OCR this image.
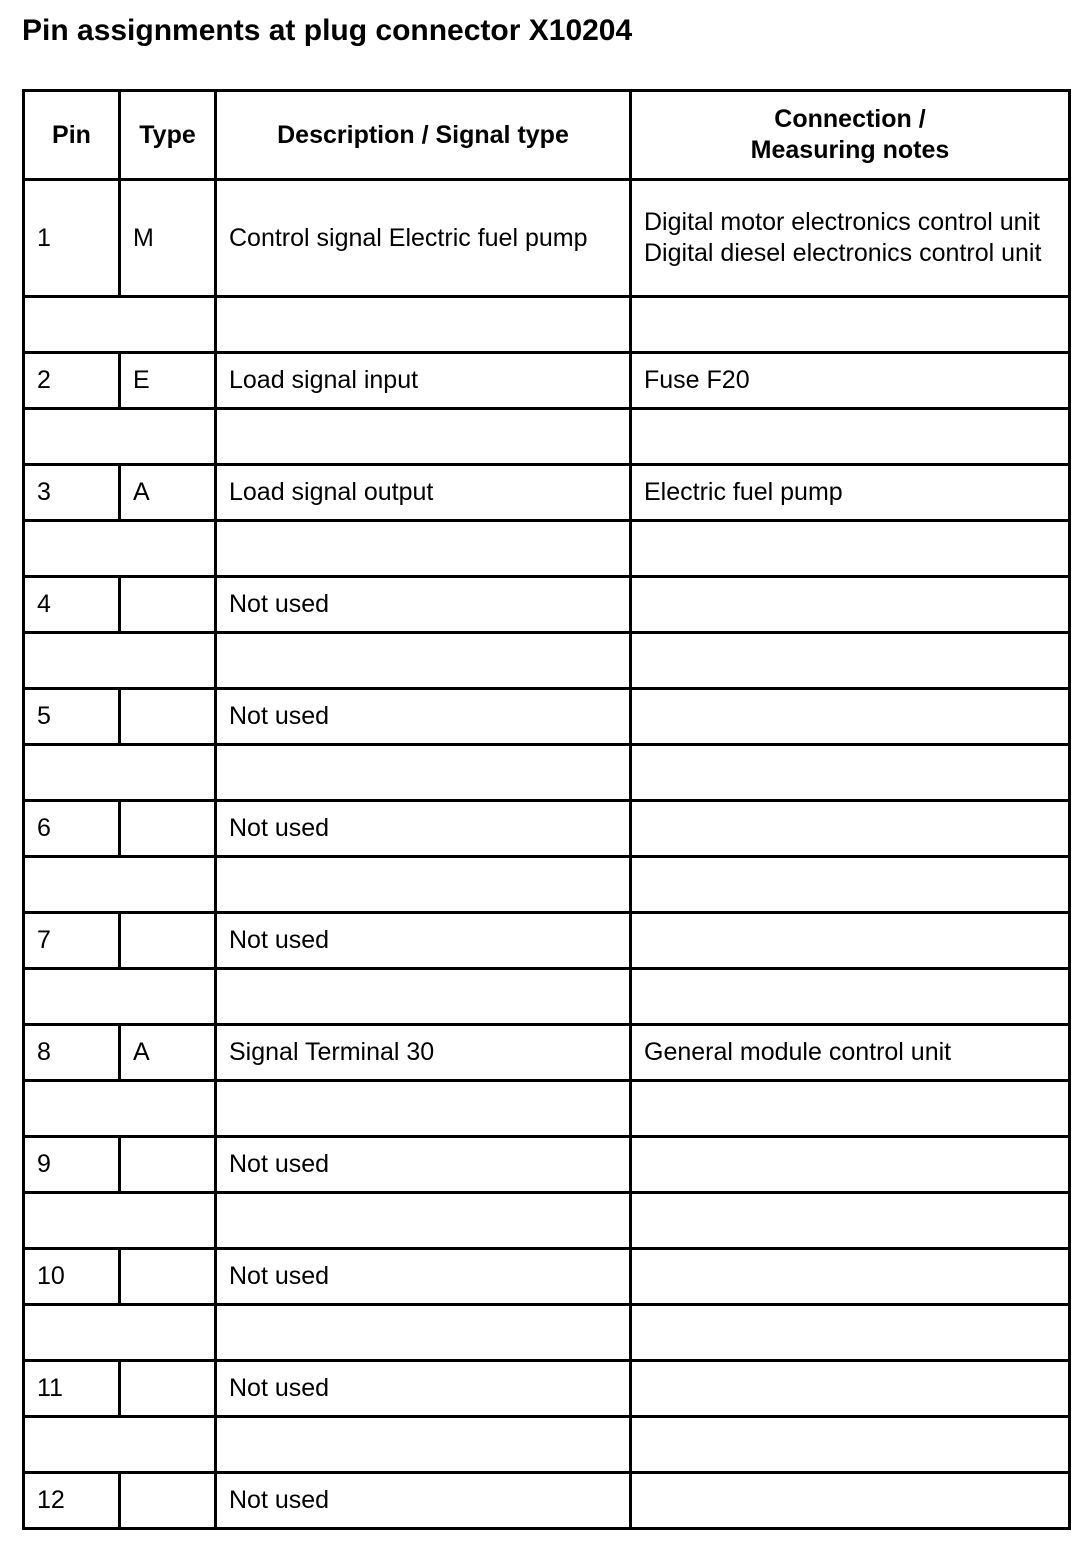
Pin assignments at plug connector X10204
Pin	Type	Description / Signal type	Connection /
Measuring notes
1	M	Control signal Electric fuel pump	Digital motor electronics control unit Digital diesel electronics control unit

2	E	Load signal input	Fuse F20

3	A	Load signal output	Electric fuel pump

4		Not used	

5		Not used	

6		Not used	

7		Not used	

8	A	Signal Terminal 30	General module control unit

9		Not used	

10		Not used	

11		Not used	

12		Not used	
